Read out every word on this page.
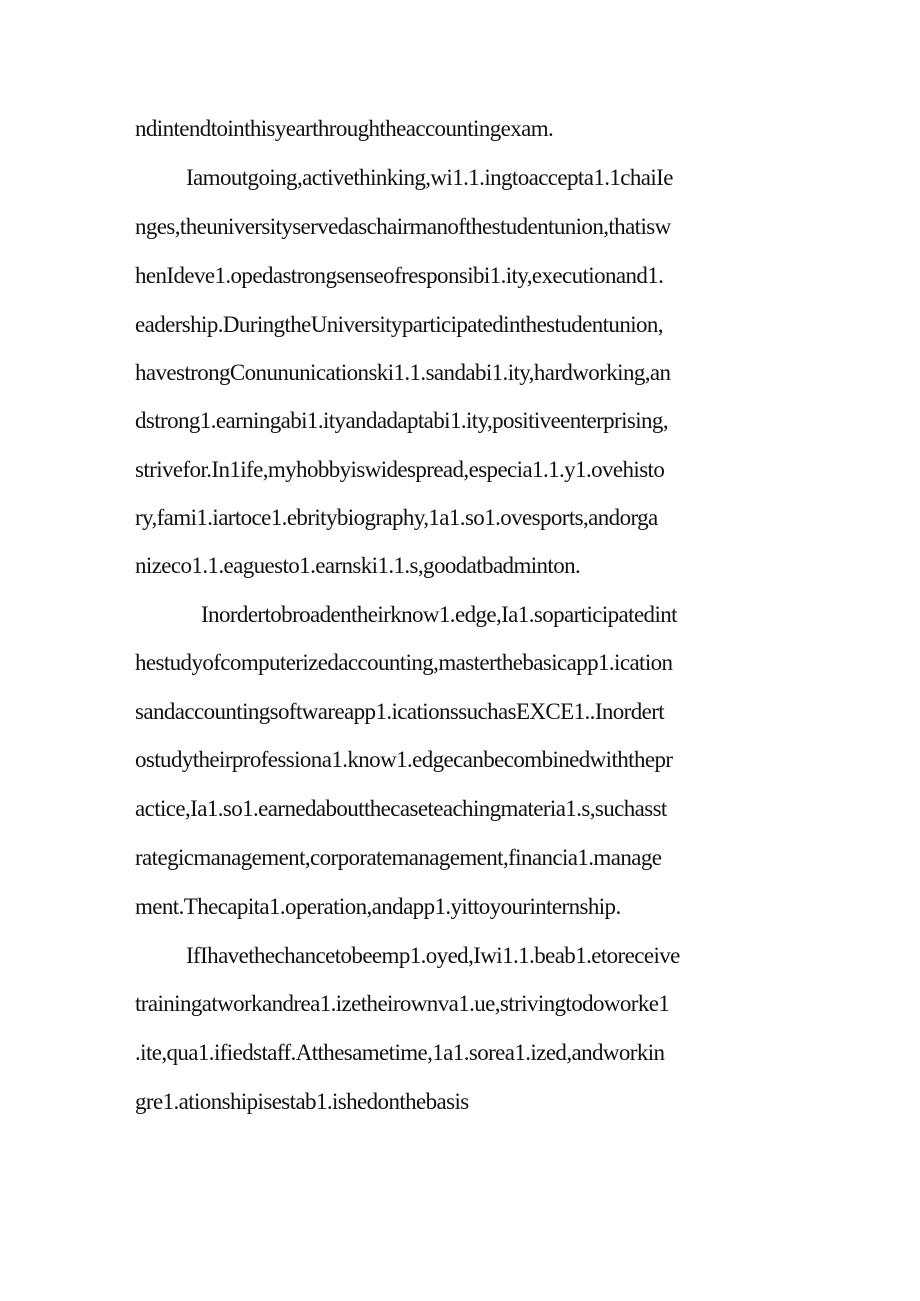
ndintendtointhisyearthroughtheaccountingexam.
Iamoutgoing,activethinking,wi1.1.ingtoaccepta1.1chaiIe
nges,theuniversityservedaschairmanofthestudentunion,thatisw
henIdeve1.opedastrongsenseofresponsibi1.ity,executionand1.
eadership.DuringtheUniversityparticipatedinthestudentunion,
havestrongConununicationski1.1.sandabi1.ity,hardworking,an
dstrong1.earningabi1.ityandadaptabi1.ity,positiveenterprising,
strivefor.In1ife,myhobbyiswidespread,especia1.1.y1.ovehisto
ry,fami1.iartoce1.ebritybiography,1a1.so1.ovesports,andorga
nizeco1.1.eaguesto1.earnski1.1.s,goodatbadminton.
Inordertobroadentheirknow1.edge,Ia1.soparticipatedint
hestudyofcomputerizedaccounting,masterthebasicapp1.ication
sandaccountingsoftwareapp1.icationssuchasEXCE1..Inordert
ostudytheirprofessiona1.know1.edgecanbecombinedwiththepr
actice,Ia1.so1.earnedaboutthecaseteachingmateria1.s,suchasst
rategicmanagement,corporatemanagement,financia1.manage
ment.Thecapita1.operation,andapp1.yittoyourinternship.
IfIhavethechancetobeemp1.oyed,Iwi1.1.beab1.etoreceive
trainingatworkandrea1.izetheirownva1.ue,strivingtodoworke1
.ite,qua1.ifiedstaff.Atthesametime,1a1.sorea1.ized,andworkin
gre1.ationshipisestab1.ishedonthebasis
